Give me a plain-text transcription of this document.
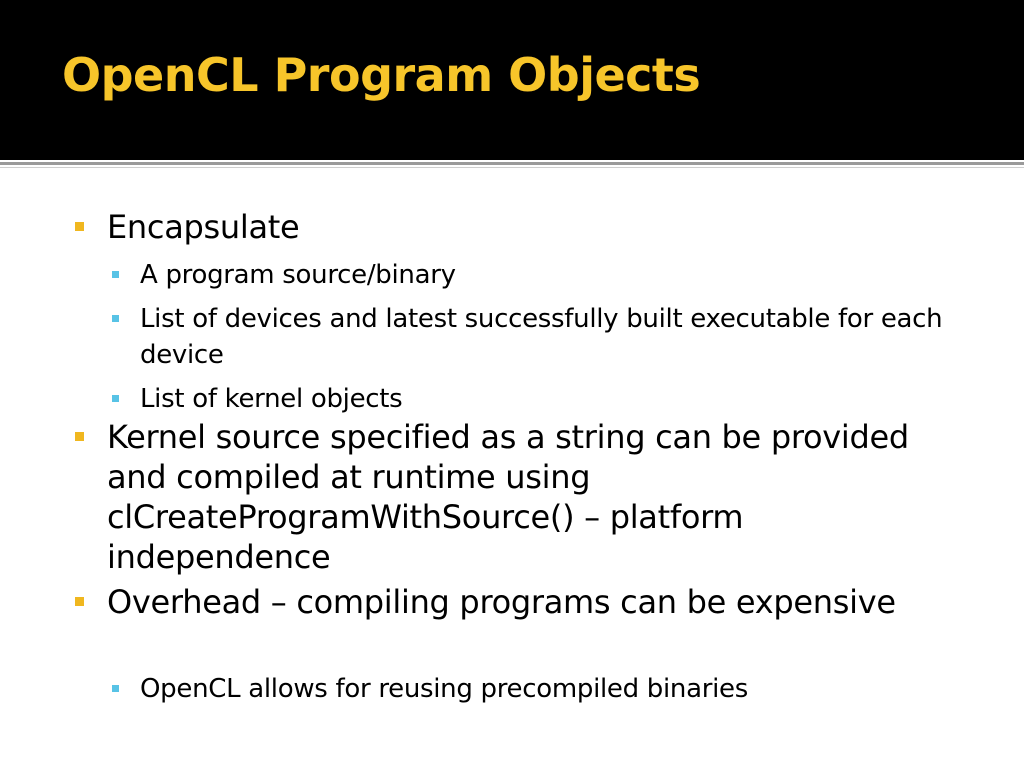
OpenCL Program Objects
Encapsulate
A program source/binary
List of devices and latest successfully built executable for each device
List of kernel objects
Kernel source specified as a string can be provided and compiled at runtime using clCreateProgramWithSource() – platform independence
Overhead – compiling programs can be expensive
OpenCL allows for reusing precompiled binaries
